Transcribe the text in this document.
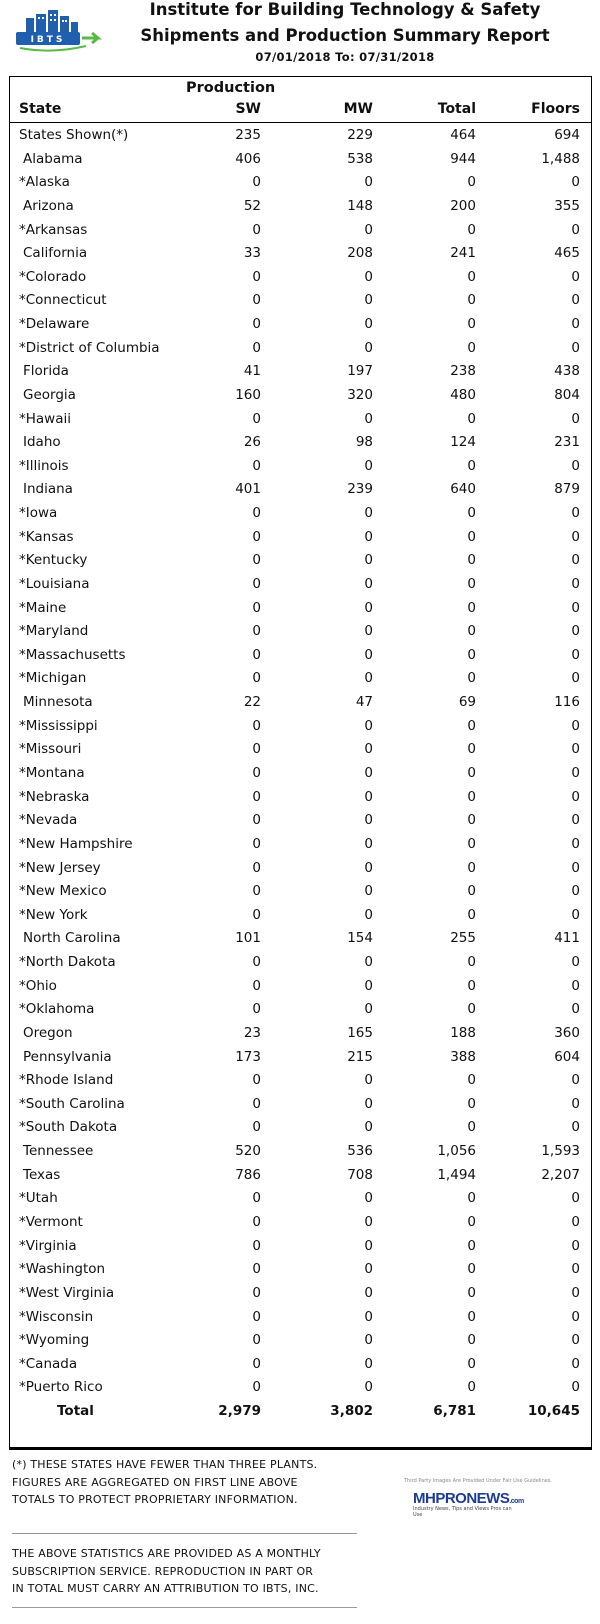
IBTS
Institute for Building Technology & Safety
Shipments and Production Summary Report
07/01/2018 To: 07/31/2018
Production
State	SW	MW	Total	Floors
States Shown(*)	235	229	464	694
Alabama	406	538	944	1,488
*Alaska	0	0	0	0
Arizona	52	148	200	355
*Arkansas	0	0	0	0
California	33	208	241	465
*Colorado	0	0	0	0
*Connecticut	0	0	0	0
*Delaware	0	0	0	0
*District of Columbia	0	0	0	0
Florida	41	197	238	438
Georgia	160	320	480	804
*Hawaii	0	0	0	0
Idaho	26	98	124	231
*Illinois	0	0	0	0
Indiana	401	239	640	879
*Iowa	0	0	0	0
*Kansas	0	0	0	0
*Kentucky	0	0	0	0
*Louisiana	0	0	0	0
*Maine	0	0	0	0
*Maryland	0	0	0	0
*Massachusetts	0	0	0	0
*Michigan	0	0	0	0
Minnesota	22	47	69	116
*Mississippi	0	0	0	0
*Missouri	0	0	0	0
*Montana	0	0	0	0
*Nebraska	0	0	0	0
*Nevada	0	0	0	0
*New Hampshire	0	0	0	0
*New Jersey	0	0	0	0
*New Mexico	0	0	0	0
*New York	0	0	0	0
North Carolina	101	154	255	411
*North Dakota	0	0	0	0
*Ohio	0	0	0	0
*Oklahoma	0	0	0	0
Oregon	23	165	188	360
Pennsylvania	173	215	388	604
*Rhode Island	0	0	0	0
*South Carolina	0	0	0	0
*South Dakota	0	0	0	0
Tennessee	520	536	1,056	1,593
Texas	786	708	1,494	2,207
*Utah	0	0	0	0
*Vermont	0	0	0	0
*Virginia	0	0	0	0
*Washington	0	0	0	0
*West Virginia	0	0	0	0
*Wisconsin	0	0	0	0
*Wyoming	0	0	0	0
*Canada	0	0	0	0
*Puerto Rico	0	0	0	0
Total	2,979	3,802	6,781	10,645
(*) THESE STATES HAVE FEWER THAN THREE PLANTS.
FIGURES ARE AGGREGATED ON FIRST LINE ABOVE
TOTALS TO PROTECT PROPRIETARY INFORMATION.
THE ABOVE STATISTICS ARE PROVIDED AS A MONTHLY
SUBSCRIPTION SERVICE. REPRODUCTION IN PART OR
IN TOTAL MUST CARRY AN ATTRIBUTION TO IBTS, INC.
Third Party Images Are Provided Under Fair Use Guidelines.
MHPRONEWS.com
Industry News, Tips and Views Pros can Use
